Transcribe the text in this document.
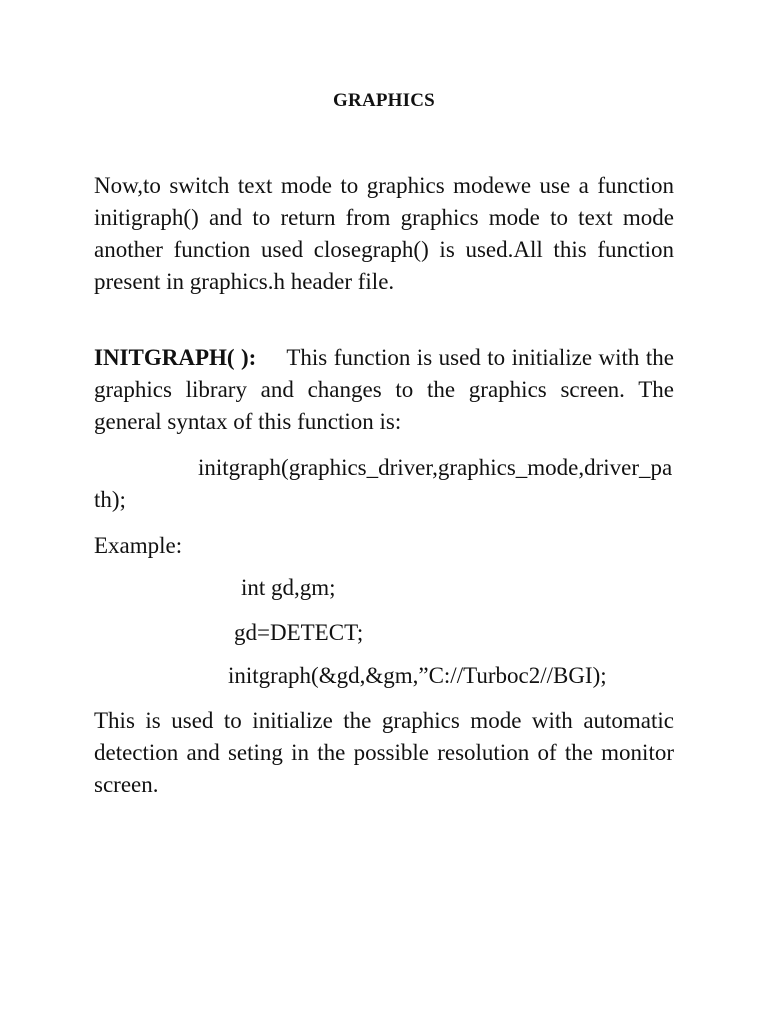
GRAPHICS

Now,to switch text mode to graphics modewe use a function initigraph() and to return from graphics mode to text mode another function used closegraph() is used.All this function present in graphics.h header file.

INITGRAPH( ): This function is used to initialize with the graphics library and changes to the graphics screen. The general syntax of this function is:

initgraph(graphics_driver,graphics_mode,driver_path);

Example:
int gd,gm;
gd=DETECT;
initgraph(&gd,&gm,”C://Turboc2//BGI);

This is used to initialize the graphics mode with automatic detection and seting in the possible resolution of the monitor screen.
